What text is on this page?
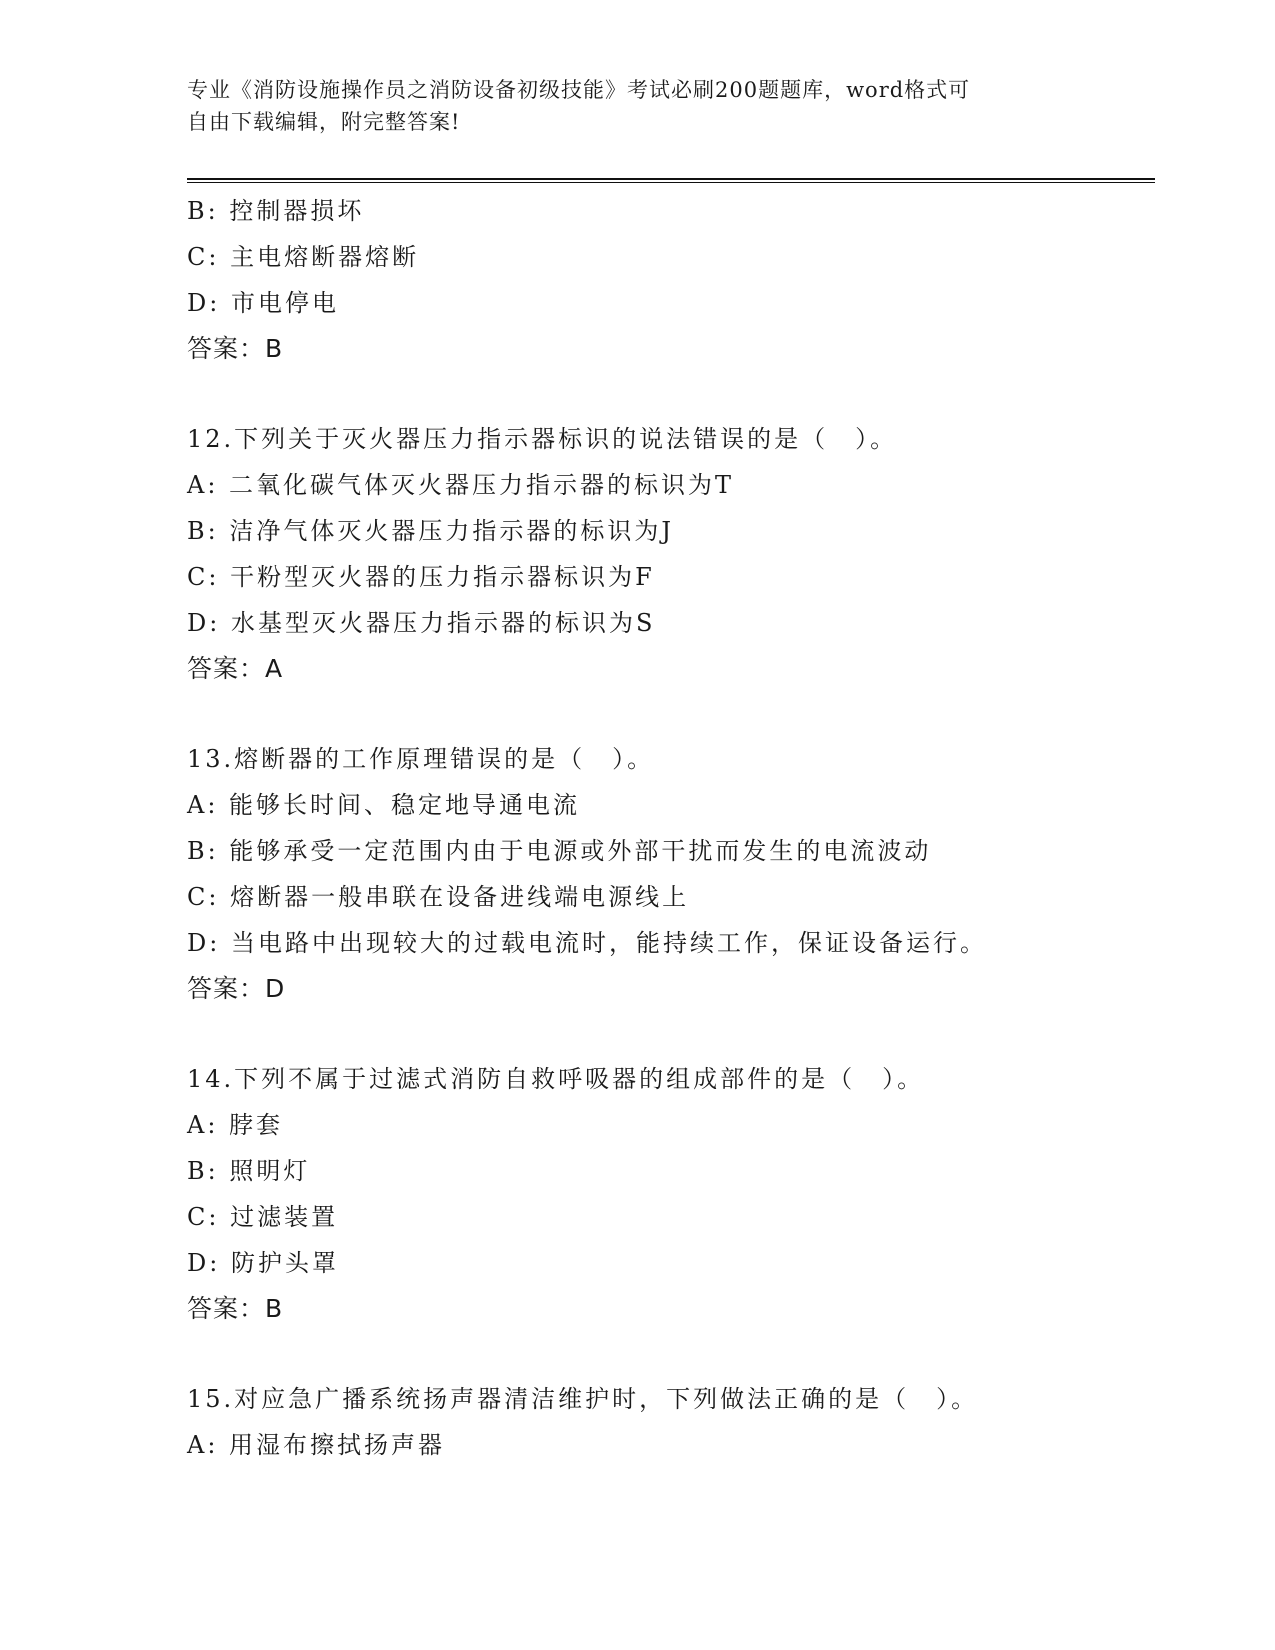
专业《消防设施操作员之消防设备初级技能》考试必刷200题题库，word格式可
自由下载编辑，附完整答案!
B: 控制器损坏
C: 主电熔断器熔断
D: 市电停电
答案：B
12.下列关于灭火器压力指示器标识的说法错误的是（　）。
A: 二氧化碳气体灭火器压力指示器的标识为T
B: 洁净气体灭火器压力指示器的标识为J
C: 干粉型灭火器的压力指示器标识为F
D: 水基型灭火器压力指示器的标识为S
答案：A
13.熔断器的工作原理错误的是（　）。
A: 能够长时间、稳定地导通电流
B: 能够承受一定范围内由于电源或外部干扰而发生的电流波动
C: 熔断器一般串联在设备进线端电源线上
D: 当电路中出现较大的过载电流时，能持续工作，保证设备运行。
答案：D
14.下列不属于过滤式消防自救呼吸器的组成部件的是（　）。
A: 脖套
B: 照明灯
C: 过滤装置
D: 防护头罩
答案：B
15.对应急广播系统扬声器清洁维护时，下列做法正确的是（　）。
A: 用湿布擦拭扬声器
